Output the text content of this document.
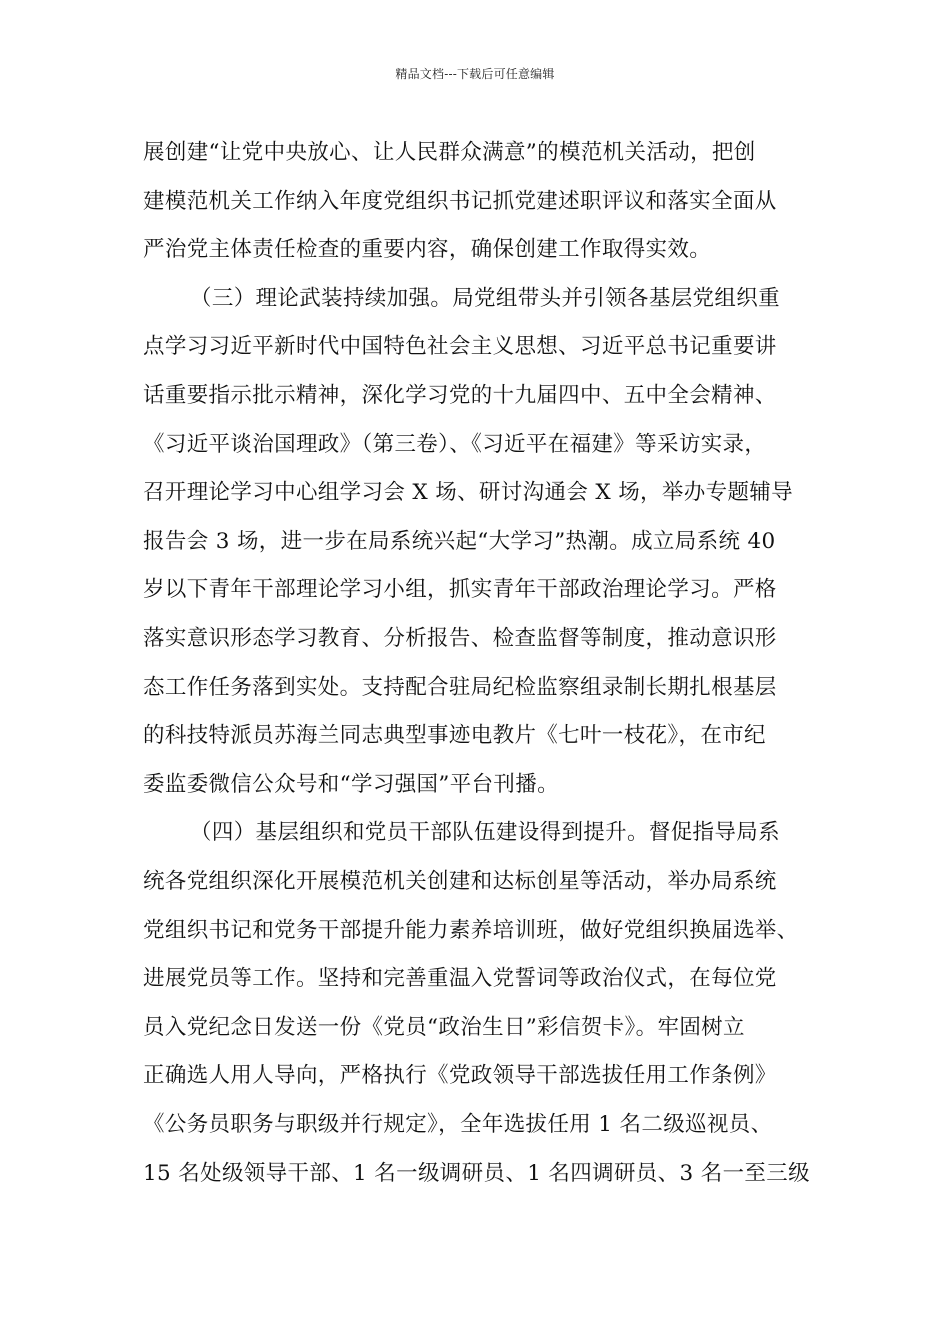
精品文档---下载后可任意编辑
展创建“让党中央放心、让人民群众满意”的模范机关活动，把创
建模范机关工作纳入年度党组织书记抓党建述职评议和落实全面从
严治党主体责任检查的重要内容，确保创建工作取得实效。
（三）理论武装持续加强。局党组带头并引领各基层党组织重
点学习习近平新时代中国特色社会主义思想、习近平总书记重要讲
话重要指示批示精神，深化学习党的十九届四中、五中全会精神、
《习近平谈治国理政》（第三卷）、《习近平在福建》等采访实录，
召开理论学习中心组学习会 X 场、研讨沟通会 X 场，举办专题辅导
报告会 3 场，进一步在局系统兴起“大学习”热潮。成立局系统 40
岁以下青年干部理论学习小组，抓实青年干部政治理论学习。严格
落实意识形态学习教育、分析报告、检查监督等制度，推动意识形
态工作任务落到实处。支持配合驻局纪检监察组录制长期扎根基层
的科技特派员苏海兰同志典型事迹电教片《七叶一枝花》，在市纪
委监委微信公众号和“学习强国”平台刊播。
（四）基层组织和党员干部队伍建设得到提升。督促指导局系
统各党组织深化开展模范机关创建和达标创星等活动，举办局系统
党组织书记和党务干部提升能力素养培训班，做好党组织换届选举、
进展党员等工作。坚持和完善重温入党誓词等政治仪式，在每位党
员入党纪念日发送一份《党员“政治生日”彩信贺卡》。牢固树立
正确选人用人导向，严格执行《党政领导干部选拔任用工作条例》
《公务员职务与职级并行规定》，全年选拔任用 1 名二级巡视员、
15 名处级领导干部、1 名一级调研员、1 名四调研员、3 名一至三级
